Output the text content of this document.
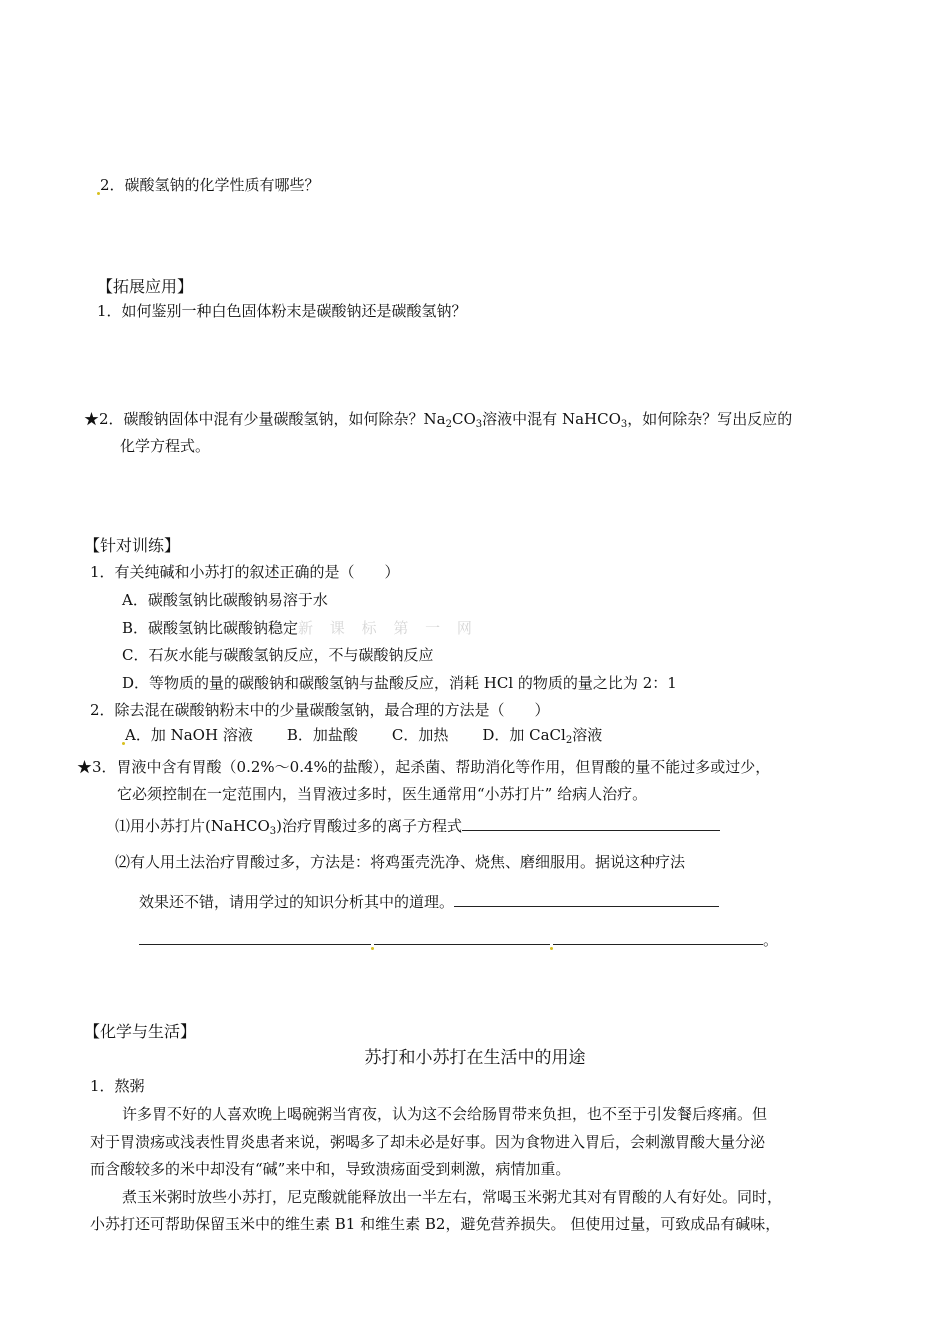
2．碳酸氢钠的化学性质有哪些？
【拓展应用】
1．如何鉴别一种白色固体粉末是碳酸钠还是碳酸氢钠？
★2．碳酸钠固体中混有少量碳酸氢钠，如何除杂？$Na_2CO_3$溶液中混有 NaHCO$_3$，如何除杂？写出反应的
化学方程式。
【针对训练】
1．有关纯碱和小苏打的叙述正确的是（　　）
A．碳酸氢钠比碳酸钠易溶于水
B．碳酸氢钠比碳酸钠稳定新 课 标 第 一 网
C．石灰水能与碳酸氢钠反应，不与碳酸钠反应
D．等物质的量的碳酸钠和碳酸氢钠与盐酸反应，消耗 HCl 的物质的量之比为 2：1
2．除去混在碳酸钠粉末中的少量碳酸氢钠，最合理的方法是（　　）
A．加 NaOH 溶液 B．加盐酸 C．加热 D．加 CaCl$_2$溶液
★3．胃液中含有胃酸（0.2%～0.4%的盐酸），起杀菌、帮助消化等作用，但胃酸的量不能过多或过少，
它必须控制在一定范围内，当胃液过多时，医生通常用“小苏打片” 给病人治疗。
⑴用小苏打片(NaHCO$_3$)治疗胃酸过多的离子方程式
⑵有人用土法治疗胃酸过多，方法是：将鸡蛋壳洗净、烧焦、磨细服用。据说这种疗法
效果还不错，请用学过的知识分析其中的道理。
。
【化学与生活】
苏打和小苏打在生活中的用途
1．熬粥
许多胃不好的人喜欢晚上喝碗粥当宵夜，认为这不会给肠胃带来负担，也不至于引发餐后疼痛。但
对于胃溃疡或浅表性胃炎患者来说，粥喝多了却未必是好事。因为食物进入胃后，会刺激胃酸大量分泌
而含酸较多的米中却没有“碱”来中和，导致溃疡面受到刺激，病情加重。
煮玉米粥时放些小苏打，尼克酸就能释放出一半左右，常喝玉米粥尤其对有胃酸的人有好处。同时，
小苏打还可帮助保留玉米中的维生素 B1 和维生素 B2，避免营养损失。 但使用过量，可致成品有碱味，
